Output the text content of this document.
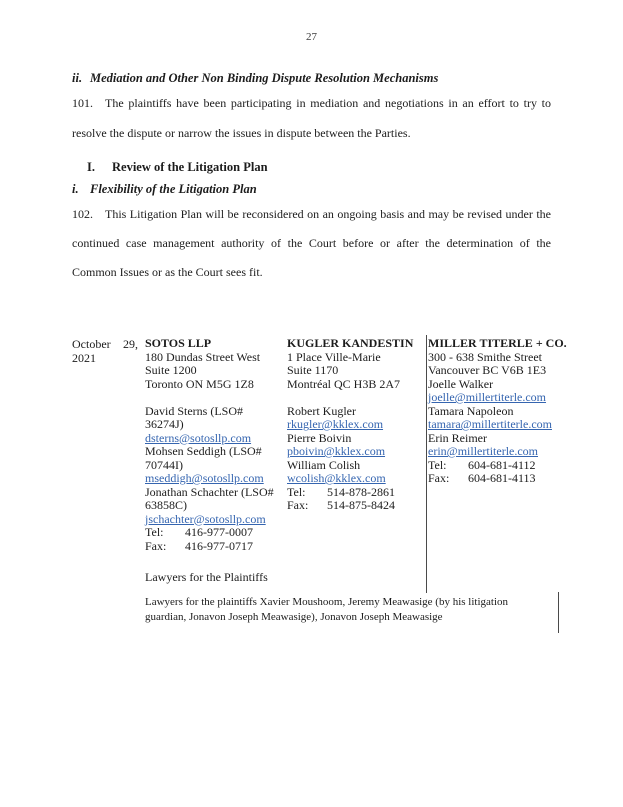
27
ii. Mediation and Other Non Binding Dispute Resolution Mechanisms
101. The plaintiffs have been participating in mediation and negotiations in an effort to try to resolve the dispute or narrow the issues in dispute between the Parties.
I. Review of the Litigation Plan
i. Flexibility of the Litigation Plan
102. This Litigation Plan will be reconsidered on an ongoing basis and may be revised under the continued case management authority of the Court before or after the determination of the Common Issues or as the Court sees fit.
October 29,
2021
SOTOS LLP
180 Dundas Street West
Suite 1200
Toronto ON M5G 1Z8

David Sterns (LSO#
36274J)
dsterns@sotosllp.com
Mohsen Seddigh (LSO#
70744I)
mseddigh@sotosllp.com
Jonathan Schachter (LSO#
63858C)
jschachter@sotosllp.com
Tel: 416-977-0007
Fax: 416-977-0717
KUGLER KANDESTIN
1 Place Ville-Marie
Suite 1170
Montréal QC H3B 2A7

Robert Kugler
rkugler@kklex.com
Pierre Boivin
pboivin@kklex.com
William Colish
wcolish@kklex.com
Tel: 514-878-2861
Fax: 514-875-8424
MILLER TITERLE + CO.
300 - 638 Smithe Street
Vancouver BC V6B 1E3
Joelle Walker
joelle@millertiterle.com
Tamara Napoleon
tamara@millertiterle.com
Erin Reimer
erin@millertiterle.com
Tel: 604-681-4112
Fax: 604-681-4113
Lawyers for the Plaintiffs
Lawyers for the plaintiffs Xavier Moushoom, Jeremy Meawasige (by his litigation
guardian, Jonavon Joseph Meawasige), Jonavon Joseph Meawasige
